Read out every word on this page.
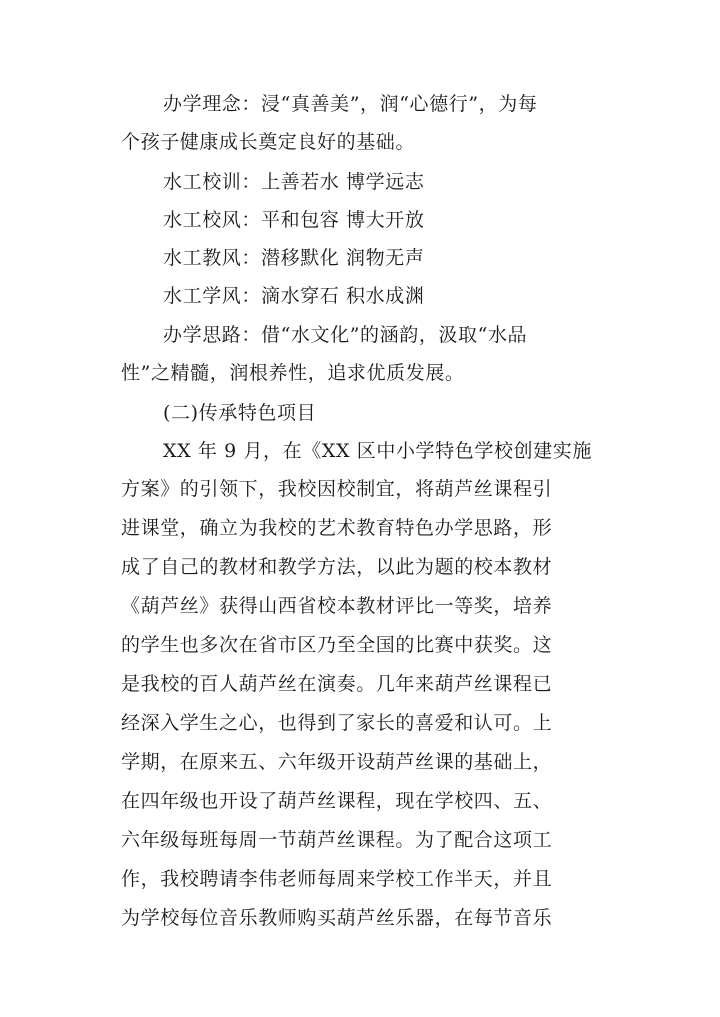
办学理念：浸“真善美”，润“心德行”，为每
个孩子健康成长奠定良好的基础。
水工校训：上善若水 博学远志
水工校风：平和包容 博大开放
水工教风：潜移默化 润物无声
水工学风：滴水穿石 积水成渊
办学思路：借“水文化”的涵韵，汲取“水品
性”之精髓，润根养性，追求优质发展。
(二)传承特色项目
XX 年 9 月，在《XX 区中小学特色学校创建实施
方案》的引领下，我校因校制宜，将葫芦丝课程引
进课堂，确立为我校的艺术教育特色办学思路，形
成了自己的教材和教学方法，以此为题的校本教材
《葫芦丝》获得山西省校本教材评比一等奖，培养
的学生也多次在省市区乃至全国的比赛中获奖。这
是我校的百人葫芦丝在演奏。几年来葫芦丝课程已
经深入学生之心，也得到了家长的喜爱和认可。上
学期，在原来五、六年级开设葫芦丝课的基础上，
在四年级也开设了葫芦丝课程，现在学校四、五、
六年级每班每周一节葫芦丝课程。为了配合这项工
作，我校聘请李伟老师每周来学校工作半天，并且
为学校每位音乐教师购买葫芦丝乐器，在每节音乐
